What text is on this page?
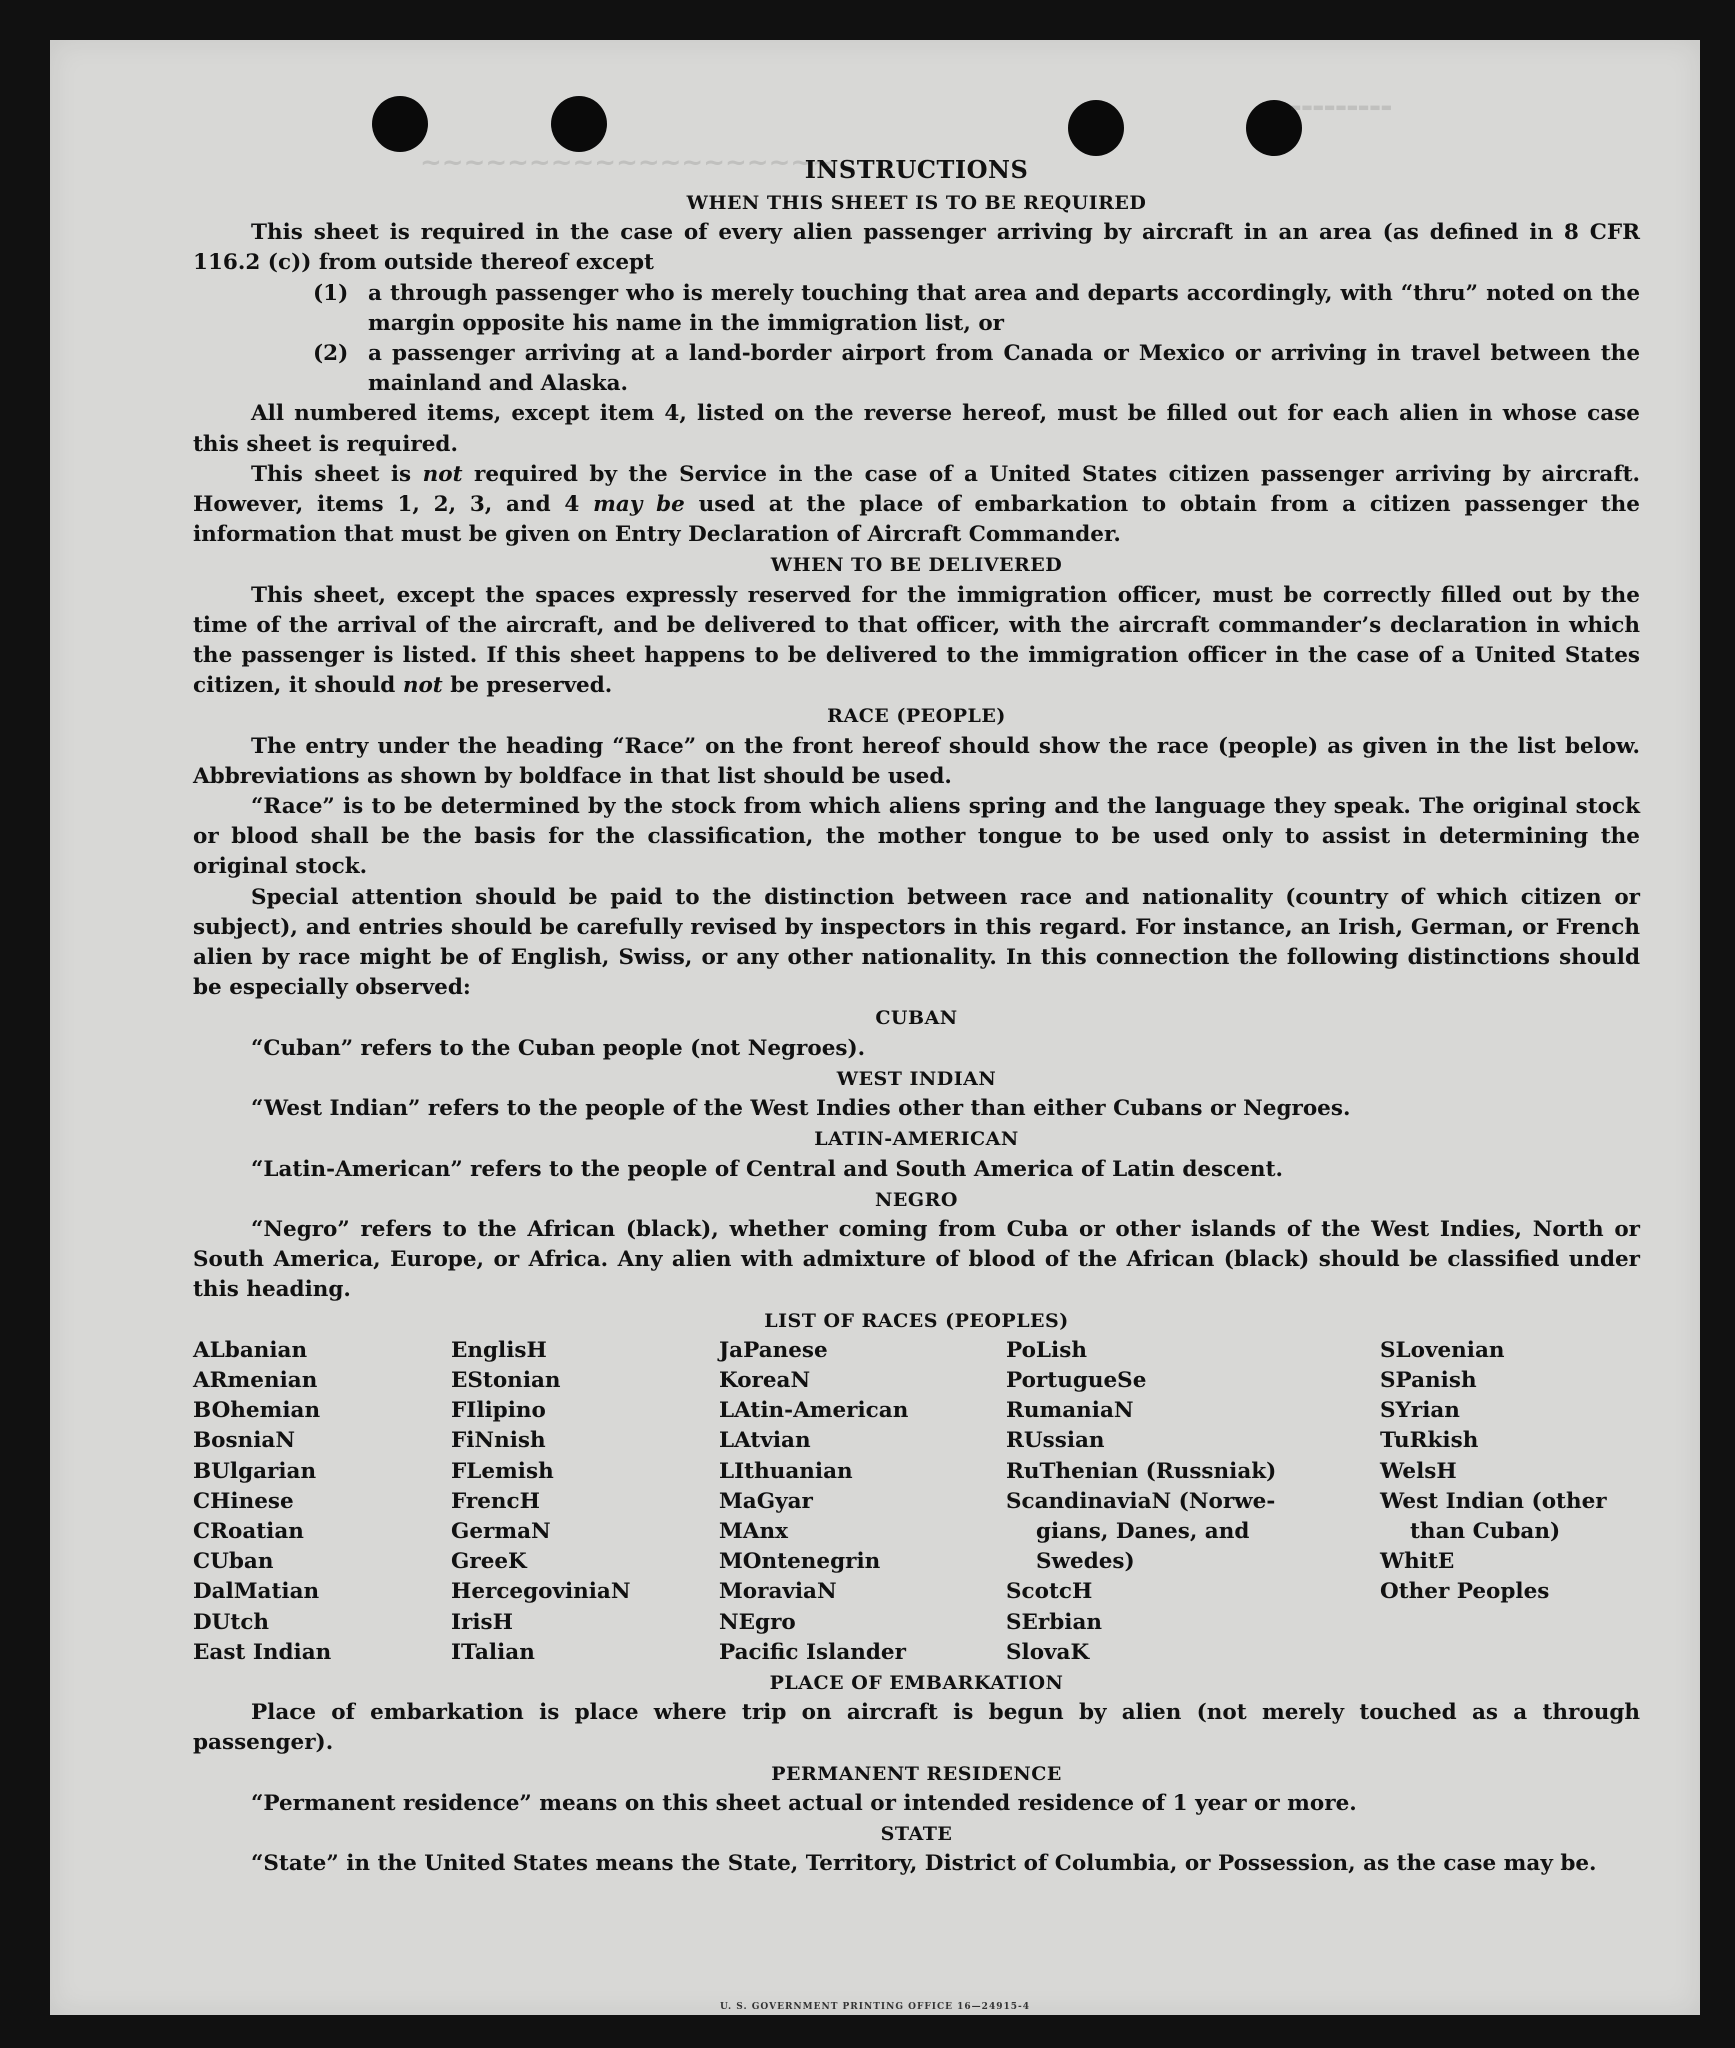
~~~~~~~~~~~~~~~~~~~
▬▬▬▬▬▬▬▬▬

INSTRUCTIONS

WHEN THIS SHEET IS TO BE REQUIRED

This sheet is required in the case of every alien passenger arriving by aircraft in an area (as defined in 8 CFR 116.2 (c)) from outside thereof except

(1) a through passenger who is merely touching that area and departs accordingly, with “thru” noted on the margin opposite his name in the immigration list, or
(2) a passenger arriving at a land-border airport from Canada or Mexico or arriving in travel between the mainland and Alaska.

All numbered items, except item 4, listed on the reverse hereof, must be filled out for each alien in whose case this sheet is required.

This sheet is not required by the Service in the case of a United States citizen passenger arriving by aircraft. However, items 1, 2, 3, and 4 may be used at the place of embarkation to obtain from a citizen passenger the information that must be given on Entry Declaration of Aircraft Commander.

WHEN TO BE DELIVERED

This sheet, except the spaces expressly reserved for the immigration officer, must be correctly filled out by the time of the arrival of the aircraft, and be delivered to that officer, with the aircraft commander’s declaration in which the passenger is listed. If this sheet happens to be delivered to the immigration officer in the case of a United States citizen, it should not be preserved.

RACE (PEOPLE)

The entry under the heading “Race” on the front hereof should show the race (people) as given in the list below. Abbreviations as shown by boldface in that list should be used.

“Race” is to be determined by the stock from which aliens spring and the language they speak. The original stock or blood shall be the basis for the classification, the mother tongue to be used only to assist in determining the original stock.

Special attention should be paid to the distinction between race and nationality (country of which citizen or subject), and entries should be carefully revised by inspectors in this regard. For instance, an Irish, German, or French alien by race might be of English, Swiss, or any other nationality. In this connection the following distinctions should be especially observed:

CUBAN

“Cuban” refers to the Cuban people (not Negroes).

WEST INDIAN

“West Indian” refers to the people of the West Indies other than either Cubans or Negroes.

LATIN-AMERICAN

“Latin-American” refers to the people of Central and South America of Latin descent.

NEGRO

“Negro” refers to the African (black), whether coming from Cuba or other islands of the West Indies, North or South America, Europe, or Africa. Any alien with admixture of blood of the African (black) should be classified under this heading.

LIST OF RACES (PEOPLES)

ALbanian
ARmenian
BOhemian
BosniaN
BUlgarian
CHinese
CRoatian
CUban
DalMatian
DUtch
East Indian
EnglisH
EStonian
FIlipino
FiNnish
FLemish
FrencH
GermaN
GreeK
HercegoviniaN
IrisH
ITalian
JaPanese
KoreaN
LAtin-American
LAtvian
LIthuanian
MaGyar
MAnx
MOntenegrin
MoraviaN
NEgro
Pacific Islander
PoLish
PortugueSe
RumaniaN
RUssian
RuThenian (Russniak)
ScandinaviaN (Norwe-
gians, Danes, and
Swedes)
ScotcH
SErbian
SlovaK
SLovenian
SPanish
SYrian
TuRkish
WelsH
West Indian (other
than Cuban)
WhitE
Other Peoples

PLACE OF EMBARKATION

Place of embarkation is place where trip on aircraft is begun by alien (not merely touched as a through passenger).

PERMANENT RESIDENCE

“Permanent residence” means on this sheet actual or intended residence of 1 year or more.

STATE

“State” in the United States means the State, Territory, District of Columbia, or Possession, as the case may be.

U. S. GOVERNMENT PRINTING OFFICE 16—24915-4
